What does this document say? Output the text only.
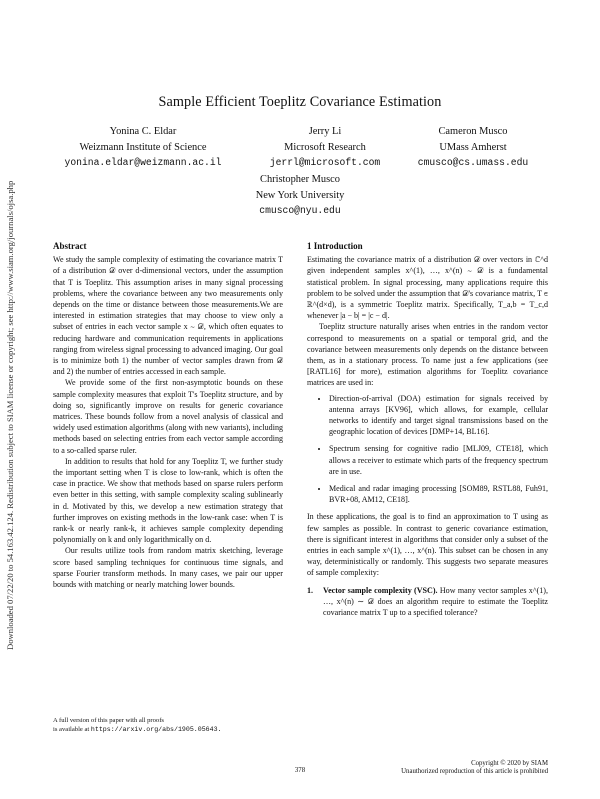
Downloaded 07/22/20 to 54.163.42.124. Redistribution subject to SIAM license or copyright; see http://www.siam.org/journals/ojsa.php
Sample Efficient Toeplitz Covariance Estimation
Yonina C. Eldar
Weizmann Institute of Science
yonina.eldar@weizmann.ac.il
Jerry Li
Microsoft Research
jerrl@microsoft.com
Cameron Musco
UMass Amherst
cmusco@cs.umass.edu
Christopher Musco
New York University
cmusco@nyu.edu

Abstract

We study the sample complexity of estimating the covariance matrix T of a distribution 𝒟 over d-dimensional vectors, under the assumption that T is Toeplitz. This assumption arises in many signal processing problems, where the covariance between any two measurements only depends on the time or distance between those measurements.We are interested in estimation strategies that may choose to view only a subset of entries in each vector sample x ∼ 𝒟, which often equates to reducing hardware and communication requirements in applications ranging from wireless signal processing to advanced imaging. Our goal is to minimize both 1) the number of vector samples drawn from 𝒟 and 2) the number of entries accessed in each sample.

We provide some of the first non-asymptotic bounds on these sample complexity measures that exploit T's Toeplitz structure, and by doing so, significantly improve on results for generic covariance matrices. These bounds follow from a novel analysis of classical and widely used estimation algorithms (along with new variants), including methods based on selecting entries from each vector sample according to a so-called sparse ruler.

In addition to results that hold for any Toeplitz T, we further study the important setting when T is close to low-rank, which is often the case in practice. We show that methods based on sparse rulers perform even better in this setting, with sample complexity scaling sublinearly in d. Motivated by this, we develop a new estimation strategy that further improves on existing methods in the low-rank case: when T is rank-k or nearly rank-k, it achieves sample complexity depending polynomially on k and only logarithmically on d.

Our results utilize tools from random matrix sketching, leverage score based sampling techniques for continuous time signals, and sparse Fourier transform methods. In many cases, we pair our upper bounds with matching or nearly matching lower bounds.

A full version of this paper with all proofs
is available at https://arxiv.org/abs/1905.05643.

1 Introduction

Estimating the covariance matrix of a distribution 𝒟 over vectors in ℂ^d given independent samples x^(1), …, x^(n) ∼ 𝒟 is a fundamental statistical problem. In signal processing, many applications require this problem to be solved under the assumption that 𝒟's covariance matrix, T ∈ ℝ^(d×d), is a symmetric Toeplitz matrix. Specifically, T_a,b = T_c,d whenever |a − b| = |c − d|.

Toeplitz structure naturally arises when entries in the random vector correspond to measurements on a spatial or temporal grid, and the covariance between measurements only depends on the distance between them, as in a stationary process. To name just a few applications (see [RATL16] for more), estimation algorithms for Toeplitz covariance matrices are used in:

• Direction-of-arrival (DOA) estimation for signals received by antenna arrays [KV96], which allows, for example, cellular networks to identify and target signal transmissions based on the geographic location of devices [DMP+14, BL16].
• Spectrum sensing for cognitive radio [MLJ09, CTE18], which allows a receiver to estimate which parts of the frequency spectrum are in use.
• Medical and radar imaging processing [SOM89, RSTL88, Fuh91, BVR+08, AM12, CE18].

In these applications, the goal is to find an approximation to T using as few samples as possible. In contrast to generic covariance estimation, there is significant interest in algorithms that consider only a subset of the entries in each sample x^(1), …, x^(n). This subset can be chosen in any way, deterministically or randomly. This suggests two separate measures of sample complexity:

1. Vector sample complexity (VSC). How many vector samples x^(1), …, x^(n) ∼ 𝒟 does an algorithm require to estimate the Toeplitz covariance matrix T up to a specified tolerance?
378
Copyright © 2020 by SIAM
Unauthorized reproduction of this article is prohibited
